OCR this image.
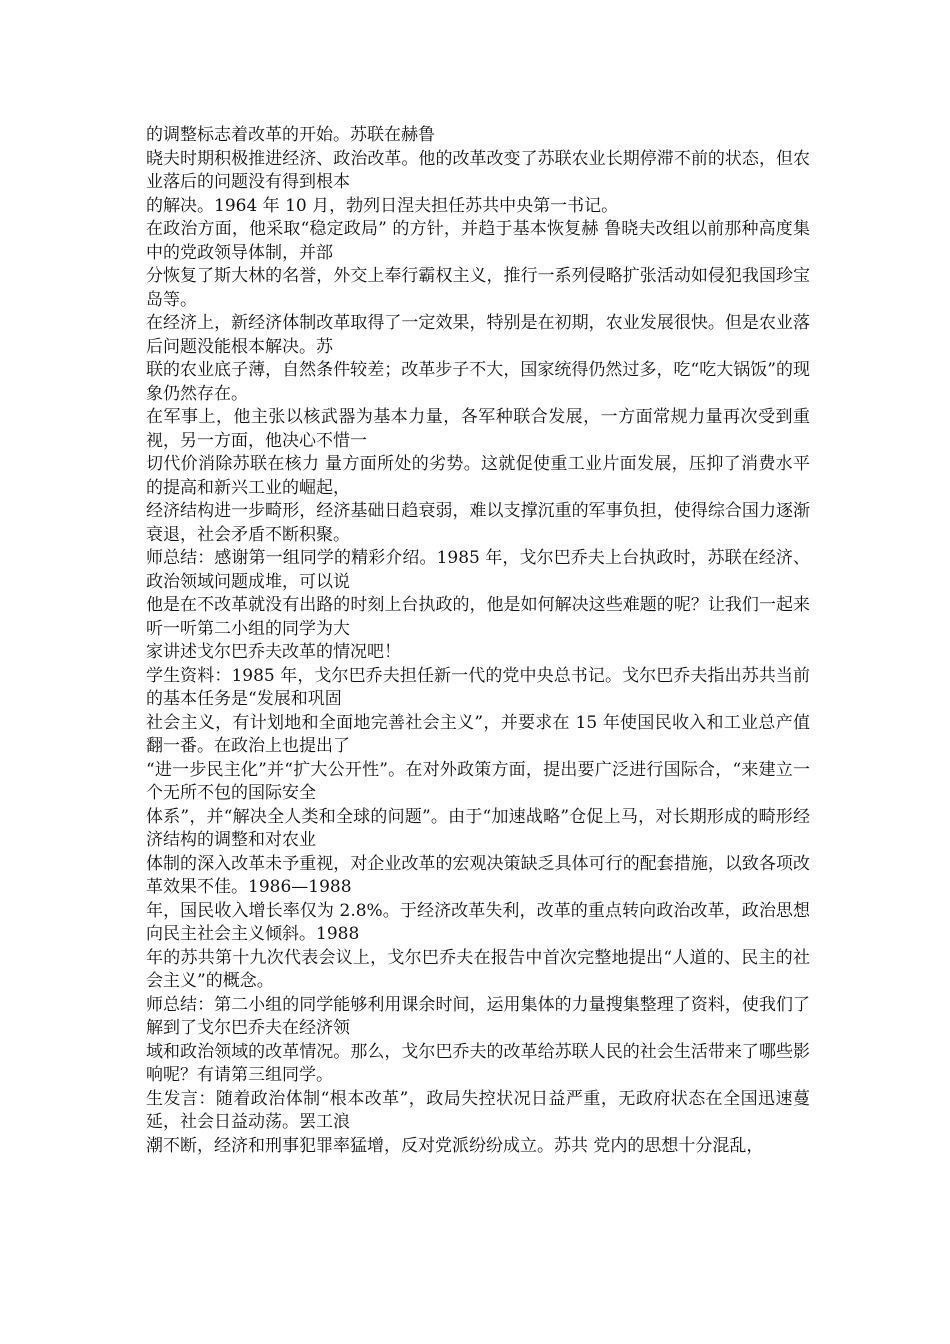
的调整标志着改革的开始。苏联在赫鲁

晓夫时期积极推进经济、政治改革。他的改革改变了苏联农业长期停滞不前的状态，但农业落后的问题没有得到根本

的解决。1964 年 10 月，勃列日涅夫担任苏共中央第一书记。

在政治方面，他采取“稳定政局” 的方针，并趋于基本恢复赫 鲁晓夫改组以前那种高度集中的党政领导体制，并部

分恢复了斯大林的名誉，外交上奉行霸权主义，推行一系列侵略扩张活动如侵犯我国珍宝岛等。

在经济上，新经济体制改革取得了一定效果，特别是在初期，农业发展很快。但是农业落后问题没能根本解决。苏

联的农业底子薄，自然条件较差；改革步子不大，国家统得仍然过多，吃“吃大锅饭”的现象仍然存在。

在军事上，他主张以核武器为基本力量，各军种联合发展，一方面常规力量再次受到重视，另一方面，他决心不惜一

切代价消除苏联在核力 量方面所处的劣势。这就促使重工业片面发展，压抑了消费水平的提高和新兴工业的崛起，

经济结构进一步畸形，经济基础日趋衰弱，难以支撑沉重的军事负担，使得综合国力逐渐衰退，社会矛盾不断积聚。

师总结：感谢第一组同学的精彩介绍。1985 年，戈尔巴乔夫上台执政时，苏联在经济、政治领域问题成堆，可以说

他是在不改革就没有出路的时刻上台执政的，他是如何解决这些难题的呢？让我们一起来听一听第二小组的同学为大

家讲述戈尔巴乔夫改革的情况吧！

学生资料：1985 年，戈尔巴乔夫担任新一代的党中央总书记。戈尔巴乔夫指出苏共当前的基本任务是“发展和巩固

社会主义，有计划地和全面地完善社会主义”，并要求在 15 年使国民收入和工业总产值翻一番。在政治上也提出了

“进一步民主化”并“扩大公开性”。在对外政策方面，提出要广泛进行国际合，“来建立一个无所不包的国际安全

体系”，并“解决全人类和全球的问题”。由于“加速战略”仓促上马，对长期形成的畸形经济结构的调整和对农业

体制的深入改革未予重视，对企业改革的宏观决策缺乏具体可行的配套措施，以致各项改革效果不佳。1986—1988

年，国民收入增长率仅为 2.8%。于经济改革失利，改革的重点转向政治改革，政治思想向民主社会主义倾斜。1988

年的苏共第十九次代表会议上，戈尔巴乔夫在报告中首次完整地提出“人道的、民主的社会主义”的概念。

师总结：第二小组的同学能够利用课余时间，运用集体的力量搜集整理了资料，使我们了解到了戈尔巴乔夫在经济领

域和政治领域的改革情况。那么，戈尔巴乔夫的改革给苏联人民的社会生活带来了哪些影响呢？有请第三组同学。

生发言：随着政治体制“根本改革”，政局失控状况日益严重，无政府状态在全国迅速蔓延，社会日益动荡。罢工浪

潮不断，经济和刑事犯罪率猛增，反对党派纷纷成立。苏共 党内的思想十分混乱，
